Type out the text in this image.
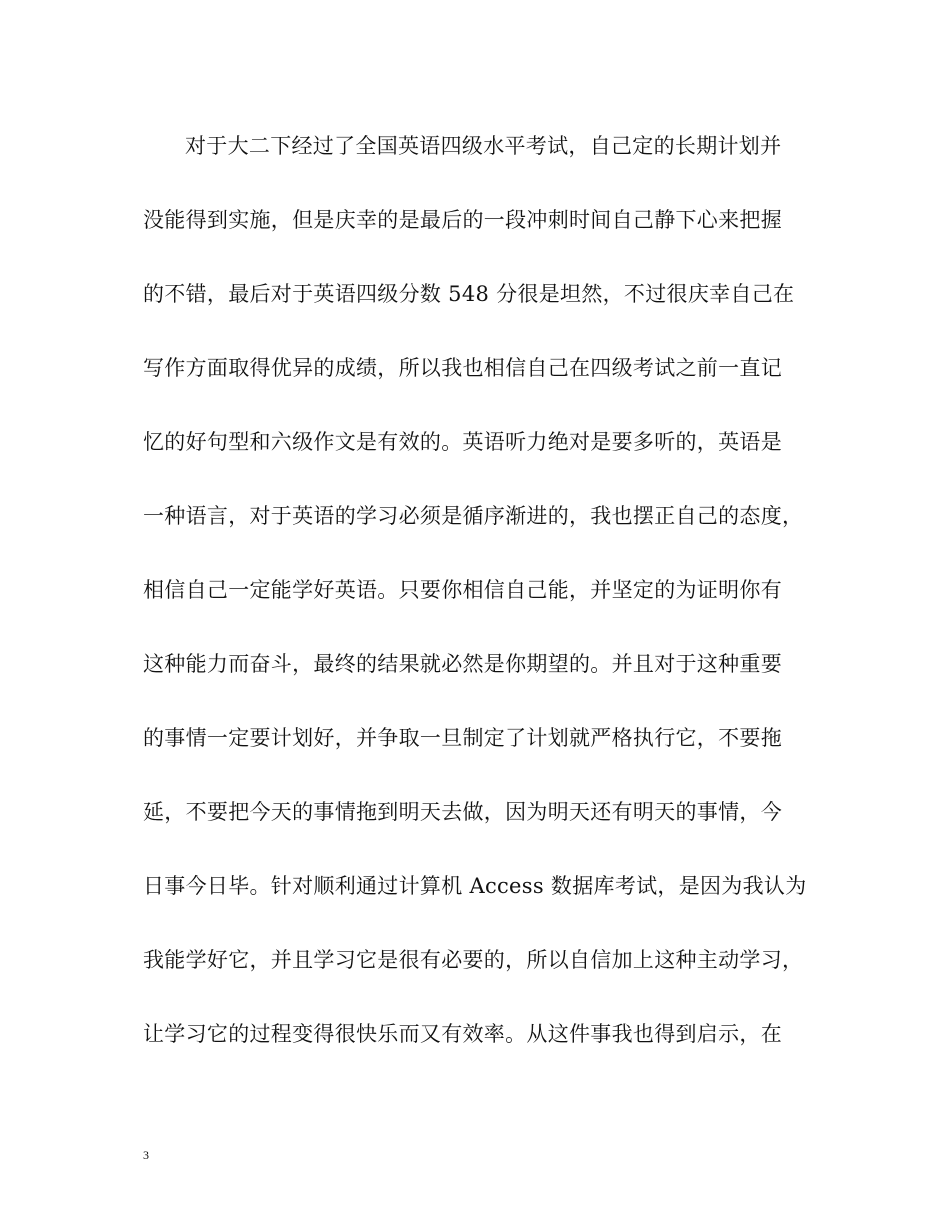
对于大二下经过了全国英语四级水平考试，自己定的长期计划并
没能得到实施，但是庆幸的是最后的一段冲刺时间自己静下心来把握
的不错，最后对于英语四级分数 548 分很是坦然，不过很庆幸自己在
写作方面取得优异的成绩，所以我也相信自己在四级考试之前一直记
忆的好句型和六级作文是有效的。英语听力绝对是要多听的，英语是
一种语言，对于英语的学习必须是循序渐进的，我也摆正自己的态度，
相信自己一定能学好英语。只要你相信自己能，并坚定的为证明你有
这种能力而奋斗，最终的结果就必然是你期望的。并且对于这种重要
的事情一定要计划好，并争取一旦制定了计划就严格执行它，不要拖
延，不要把今天的事情拖到明天去做，因为明天还有明天的事情，今
日事今日毕。针对顺利通过计算机 Access 数据库考试，是因为我认为
我能学好它，并且学习它是很有必要的，所以自信加上这种主动学习，
让学习它的过程变得很快乐而又有效率。从这件事我也得到启示，在
3
